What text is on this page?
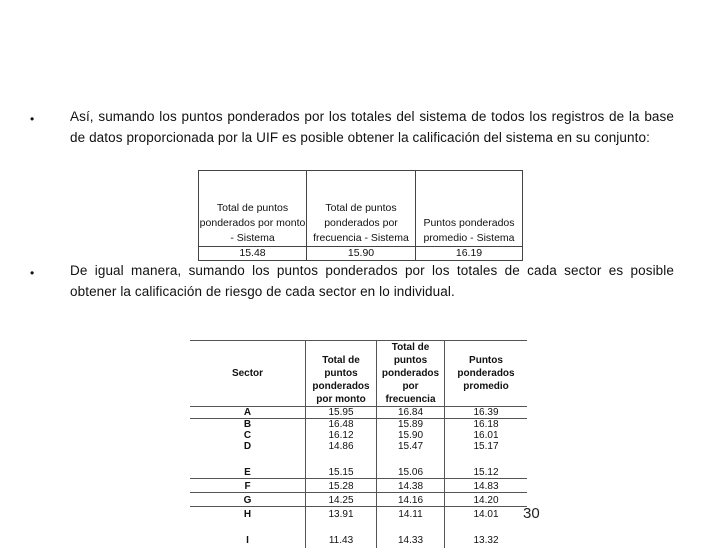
•	Así, sumando los puntos ponderados por los totales del sistema de todos los registros de la base de datos proporcionada por la UIF es posible obtener la calificación del sistema en su conjunto:
Total de puntos ponderados por monto - Sistema	Total de puntos ponderados por frecuencia - Sistema	Puntos ponderados promedio - Sistema
15.48	15.90	16.19
•	De igual manera, sumando los puntos ponderados por los totales de cada sector es posible obtener la calificación de riesgo de cada sector en lo individual.
Sector	Total de puntos ponderados por monto	Total de puntos ponderados por frecuencia	Puntos ponderados promedio
A	15.95	16.84	16.39
B	16.48	15.89	16.18
C	16.12	15.90	16.01
D	14.86	15.47	15.17
E	15.15	15.06	15.12
F	15.28	14.38	14.83
G	14.25	14.16	14.20
H	13.91	14.11	14.01
I	11.43	14.33	13.32
30
